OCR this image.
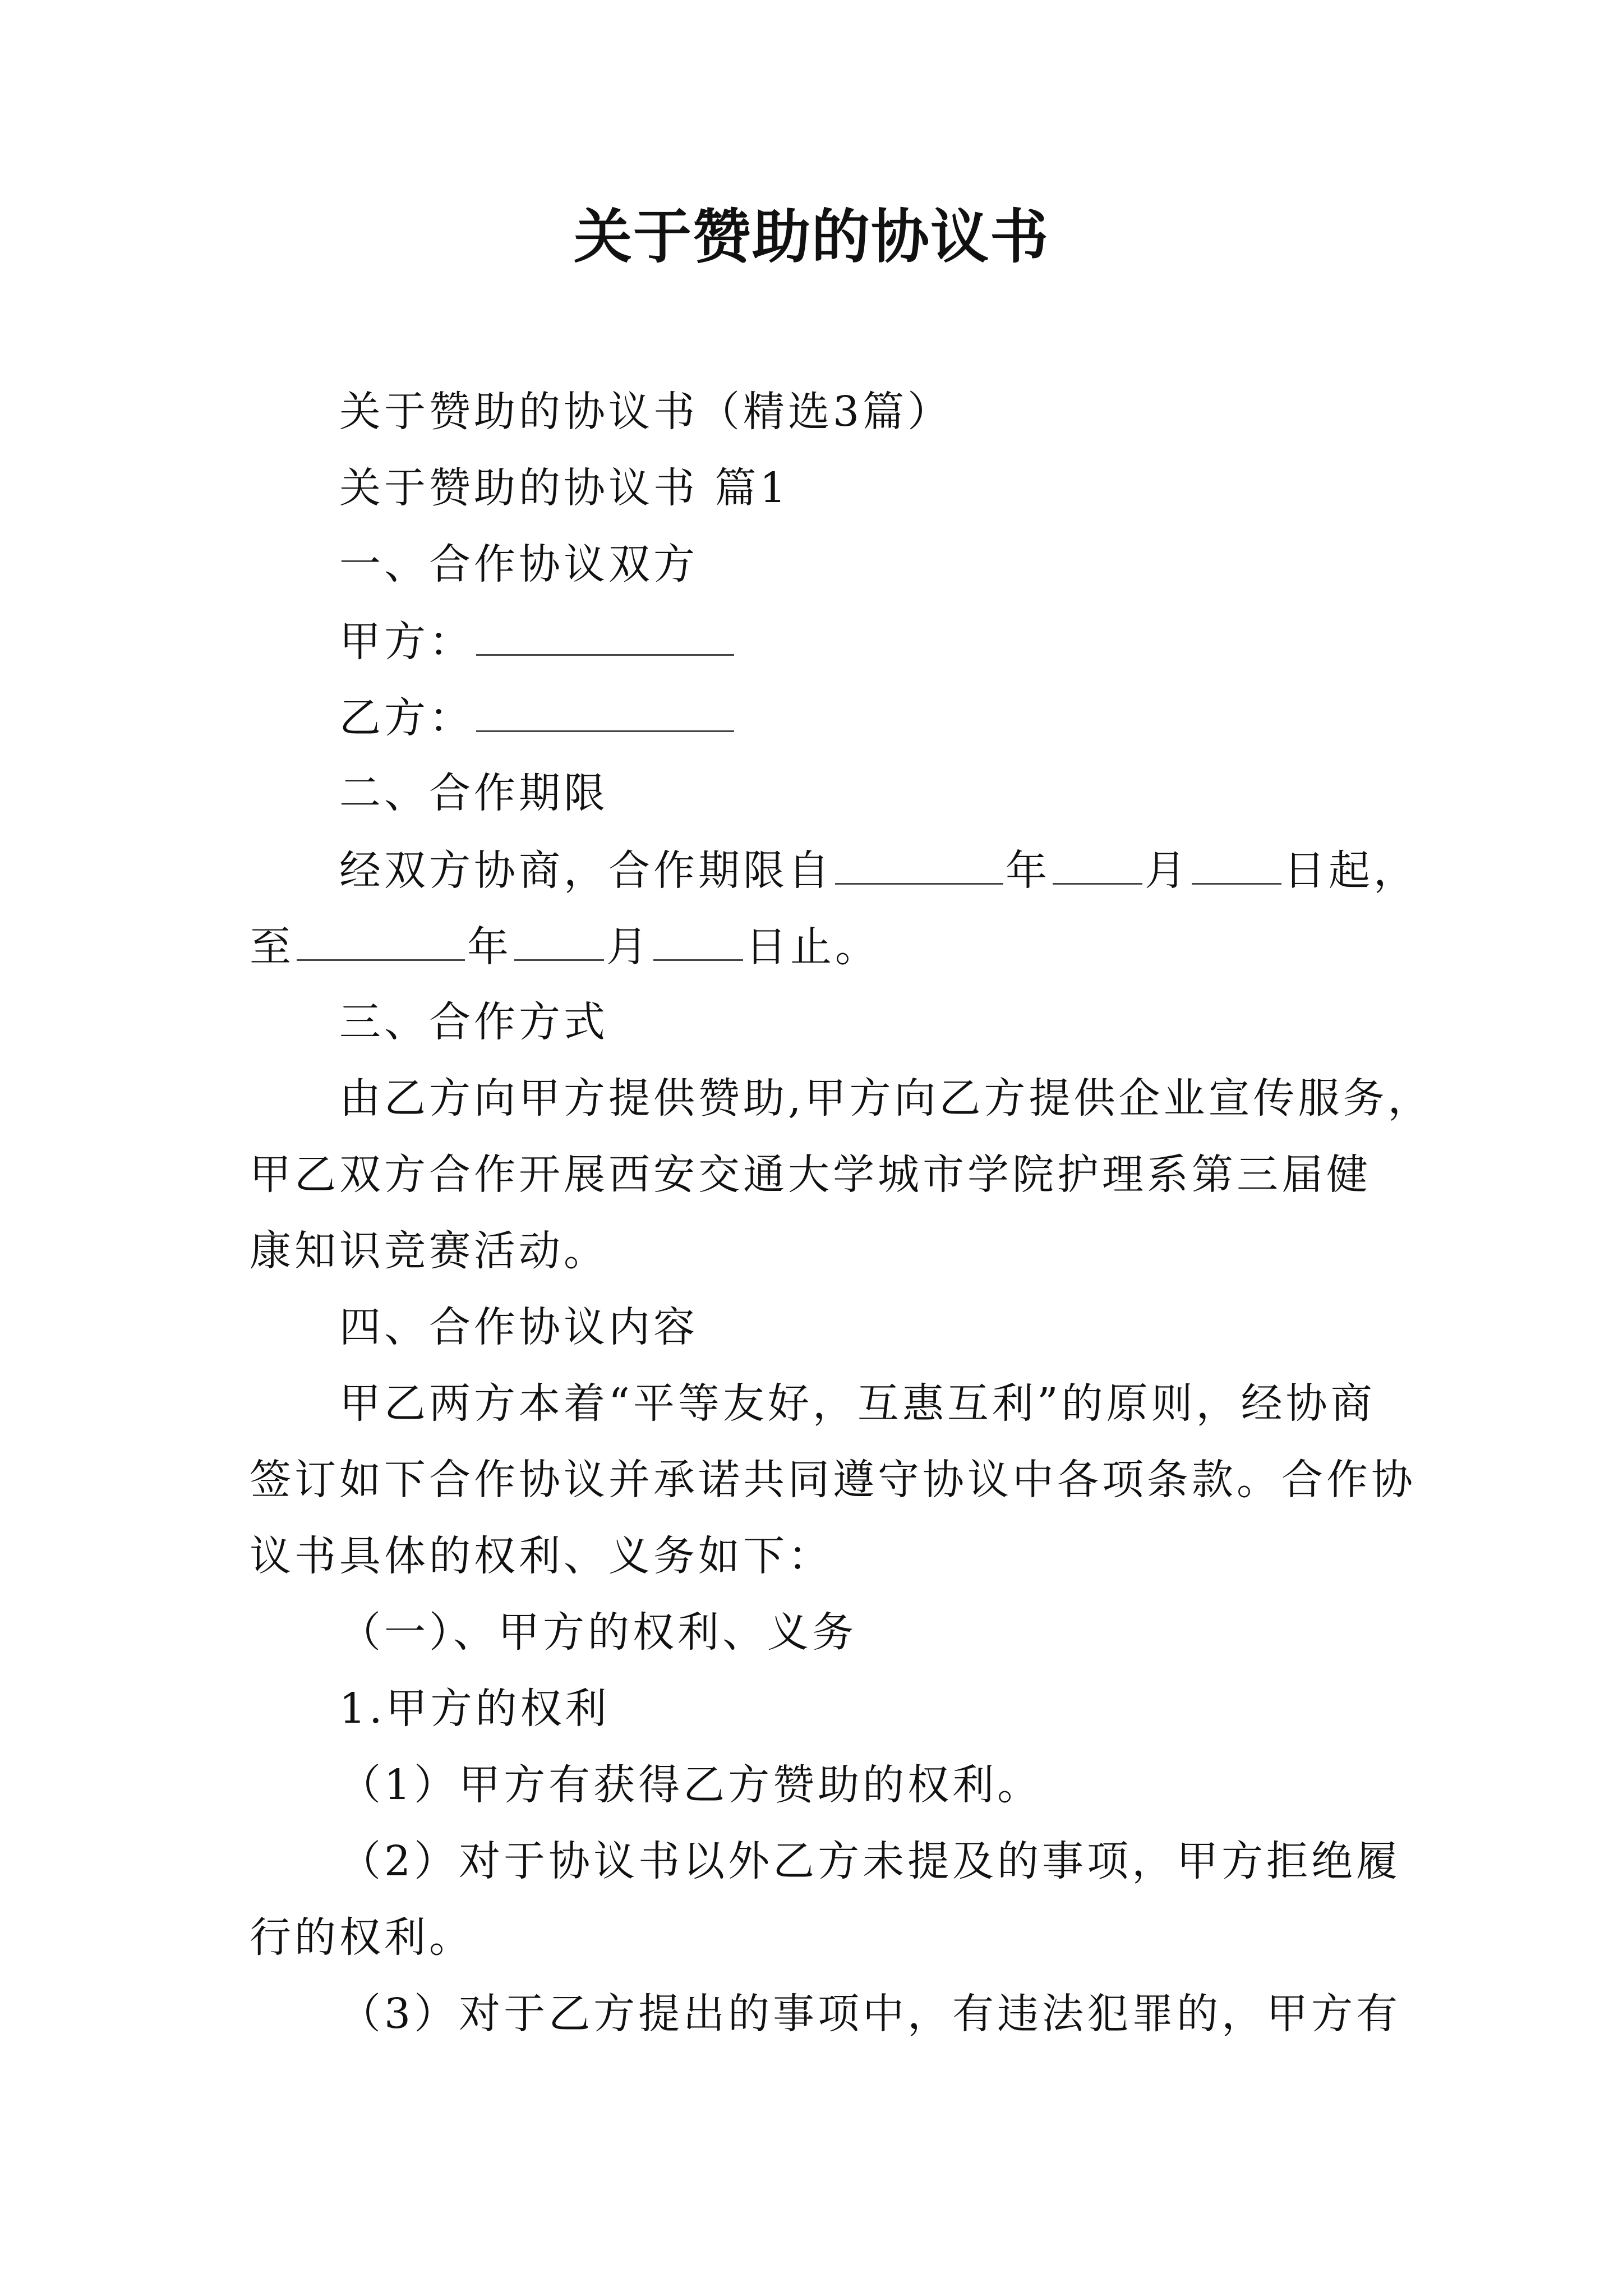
关于赞助的协议书
关于赞助的协议书（精选3篇）
关于赞助的协议书 篇1
一、合作协议双方
甲方：
乙方：
二、合作期限
经双方协商，合作期限自	年 月 日起，
至	年 月 日止。
三、合作方式
由乙方向甲方提供赞助,甲方向乙方提供企业宣传服务，
甲乙双方合作开展西安交通大学城市学院护理系第三届健
康知识竞赛活动。
四、合作协议内容
甲乙两方本着“平等友好，互惠互利”的原则，经协商
签订如下合作协议并承诺共同遵守协议中各项条款。合作协
议书具体的权利、义务如下：
（一）、甲方的权利、义务
1.甲方的权利
（1）甲方有获得乙方赞助的权利。
（2）对于协议书以外乙方未提及的事项，甲方拒绝履
行的权利。
（3）对于乙方提出的事项中，有违法犯罪的，甲方有
